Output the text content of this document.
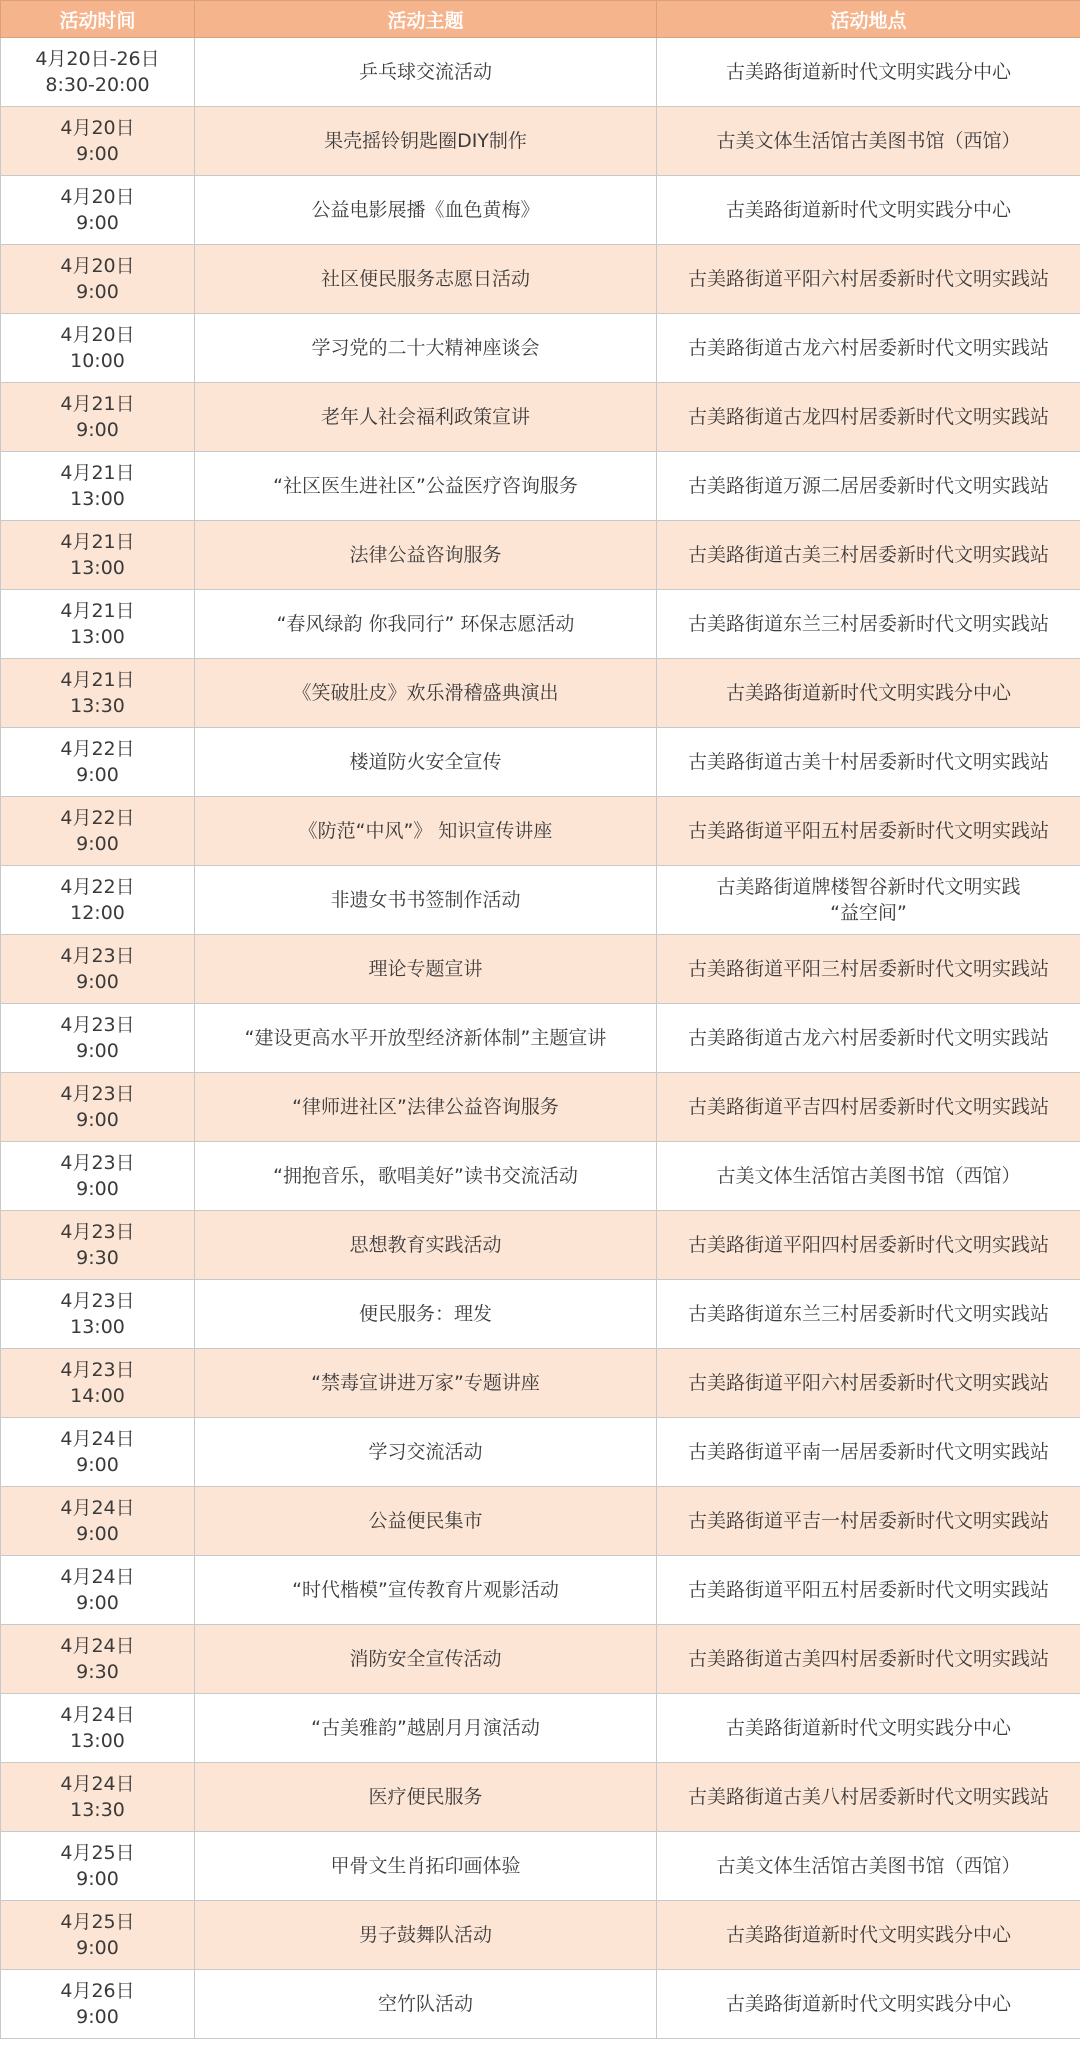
活动时间	活动主题	活动地点

4月20日-26日
8:30-20:00	乒乓球交流活动	古美路街道新时代文明实践分中心

4月20日
9:00	果壳摇铃钥匙圈DIY制作	古美文体生活馆古美图书馆（西馆）

4月20日
9:00	公益电影展播《血色黄梅》	古美路街道新时代文明实践分中心

4月20日
9:00	社区便民服务志愿日活动	古美路街道平阳六村居委新时代文明实践站

4月20日
10:00	学习党的二十大精神座谈会	古美路街道古龙六村居委新时代文明实践站

4月21日
9:00	老年人社会福利政策宣讲	古美路街道古龙四村居委新时代文明实践站

4月21日
13:00	“社区医生进社区”公益医疗咨询服务	古美路街道万源二居居委新时代文明实践站

4月21日
13:00	法律公益咨询服务	古美路街道古美三村居委新时代文明实践站

4月21日
13:00	“春风绿韵 你我同行” 环保志愿活动	古美路街道东兰三村居委新时代文明实践站

4月21日
13:30	《笑破肚皮》欢乐滑稽盛典演出	古美路街道新时代文明实践分中心

4月22日
9:00	楼道防火安全宣传	古美路街道古美十村居委新时代文明实践站

4月22日
9:00	《防范“中风”》 知识宣传讲座	古美路街道平阳五村居委新时代文明实践站

4月22日
12:00	非遗女书书签制作活动	古美路街道牌楼智谷新时代文明实践
“益空间”

4月23日
9:00	理论专题宣讲	古美路街道平阳三村居委新时代文明实践站

4月23日
9:00	“建设更高水平开放型经济新体制”主题宣讲	古美路街道古龙六村居委新时代文明实践站

4月23日
9:00	“律师进社区”法律公益咨询服务	古美路街道平吉四村居委新时代文明实践站

4月23日
9:00	“拥抱音乐，歌唱美好”读书交流活动	古美文体生活馆古美图书馆（西馆）

4月23日
9:30	思想教育实践活动	古美路街道平阳四村居委新时代文明实践站

4月23日
13:00	便民服务：理发	古美路街道东兰三村居委新时代文明实践站

4月23日
14:00	“禁毒宣讲进万家”专题讲座	古美路街道平阳六村居委新时代文明实践站

4月24日
9:00	学习交流活动	古美路街道平南一居居委新时代文明实践站

4月24日
9:00	公益便民集市	古美路街道平吉一村居委新时代文明实践站

4月24日
9:00	“时代楷模”宣传教育片观影活动	古美路街道平阳五村居委新时代文明实践站

4月24日
9:30	消防安全宣传活动	古美路街道古美四村居委新时代文明实践站

4月24日
13:00	“古美雅韵”越剧月月演活动	古美路街道新时代文明实践分中心

4月24日
13:30	医疗便民服务	古美路街道古美八村居委新时代文明实践站

4月25日
9:00	甲骨文生肖拓印画体验	古美文体生活馆古美图书馆（西馆）

4月25日
9:00	男子鼓舞队活动	古美路街道新时代文明实践分中心

4月26日
9:00	空竹队活动	古美路街道新时代文明实践分中心
